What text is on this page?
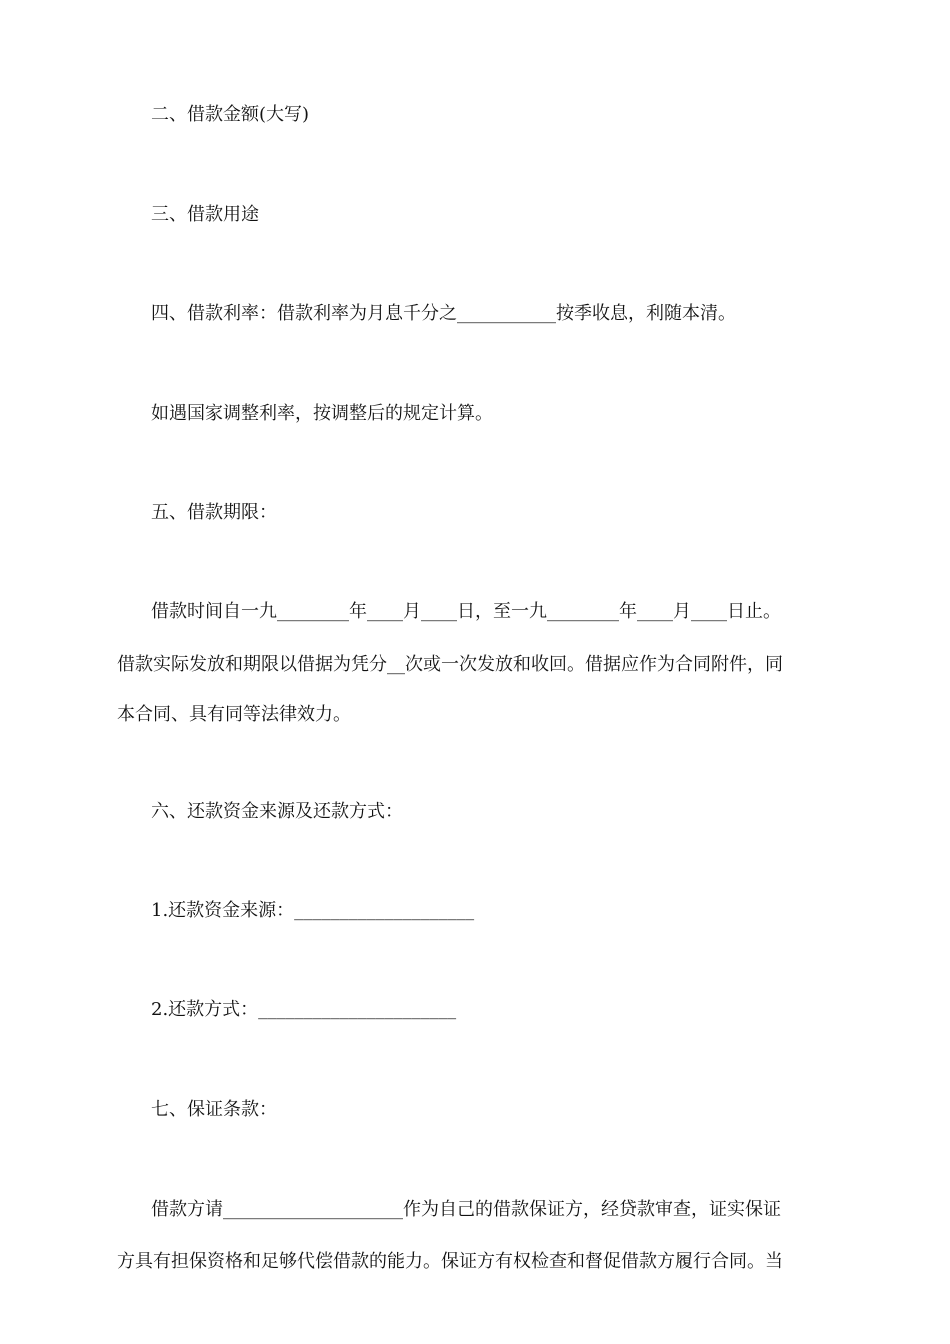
二、借款金额(大写)
三、借款用途
四、借款利率：借款利率为月息千分之___________按季收息，利随本清。
如遇国家调整利率，按调整后的规定计算。
五、借款期限：
借款时间自一九________年____月____日，至一九________年____月____日止。
借款实际发放和期限以借据为凭分__次或一次发放和收回。借据应作为合同附件，同
本合同、具有同等法律效力。
六、还款资金来源及还款方式：
1.还款资金来源：____________________
2.还款方式：______________________
七、保证条款：
借款方请____________________作为自己的借款保证方，经贷款审查，证实保证
方具有担保资格和足够代偿借款的能力。保证方有权检查和督促借款方履行合同。当
